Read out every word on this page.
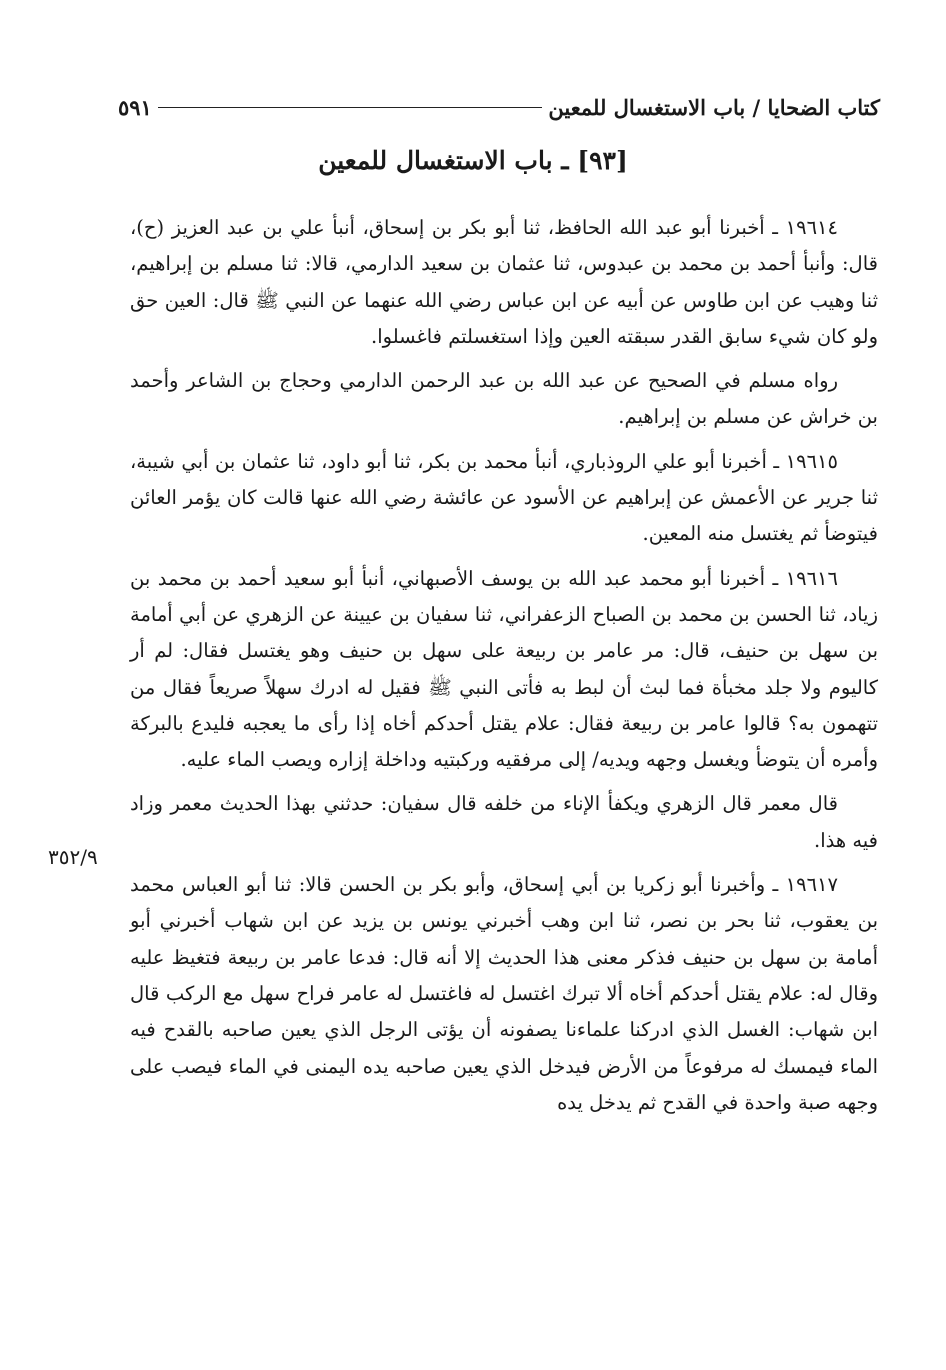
كتاب الضحايا / باب الاستغسال للمعين
٥٩١
[٩٣] ـ باب الاستغسال للمعين

١٩٦١٤ ـ أخبرنا أبو عبد الله الحافظ، ثنا أبو بكر بن إسحاق، أنبأ علي بن عبد العزيز (ح)، قال: وأنبأ أحمد بن محمد بن عبدوس، ثنا عثمان بن سعيد الدارمي، قالا: ثنا مسلم بن إبراهيم، ثنا وهيب عن ابن طاوس عن أبيه عن ابن عباس رضي الله عنهما عن النبي ﷺ قال: العين حق ولو كان شيء سابق القدر سبقته العين وإذا استغسلتم فاغسلوا.

رواه مسلم في الصحيح عن عبد الله بن عبد الرحمن الدارمي وحجاج بن الشاعر وأحمد بن خراش عن مسلم بن إبراهيم.

١٩٦١٥ ـ أخبرنا أبو علي الروذباري، أنبأ محمد بن بكر، ثنا أبو داود، ثنا عثمان بن أبي شيبة، ثنا جرير عن الأعمش عن إبراهيم عن الأسود عن عائشة رضي الله عنها قالت كان يؤمر العائن فيتوضأ ثم يغتسل منه المعين.

١٩٦١٦ ـ أخبرنا أبو محمد عبد الله بن يوسف الأصبهاني، أنبأ أبو سعيد أحمد بن محمد بن زياد، ثنا الحسن بن محمد بن الصباح الزعفراني، ثنا سفيان بن عيينة عن الزهري عن أبي أمامة بن سهل بن حنيف، قال: مر عامر بن ربيعة على سهل بن حنيف وهو يغتسل فقال: لم أر كاليوم ولا جلد مخبأة فما لبث أن لبط به فأتى النبي ﷺ فقيل له ادرك سهلاً صريعاً فقال من تتهمون به؟ قالوا عامر بن ربيعة فقال: علام يقتل أحدكم أخاه إذا رأى ما يعجبه فليدع بالبركة وأمره أن يتوضأ ويغسل وجهه ويديه/ إلى مرفقيه وركبتيه وداخلة إزاره ويصب الماء عليه.

قال معمر قال الزهري ويكفأ الإناء من خلفه قال سفيان: حدثني بهذا الحديث معمر وزاد فيه هذا.

١٩٦١٧ ـ وأخبرنا أبو زكريا بن أبي إسحاق، وأبو بكر بن الحسن قالا: ثنا أبو العباس محمد بن يعقوب، ثنا بحر بن نصر، ثنا ابن وهب أخبرني يونس بن يزيد عن ابن شهاب أخبرني أبو أمامة بن سهل بن حنيف فذكر معنى هذا الحديث إلا أنه قال: فدعا عامر بن ربيعة فتغيظ عليه وقال له: علام يقتل أحدكم أخاه ألا تبرك اغتسل له فاغتسل له عامر فراح سهل مع الركب قال ابن شهاب: الغسل الذي ادركنا علماءنا يصفونه أن يؤتى الرجل الذي يعين صاحبه بالقدح فيه الماء فيمسك له مرفوعاً من الأرض فيدخل الذي يعين صاحبه يده اليمنى في الماء فيصب على وجهه صبة واحدة في القدح ثم يدخل يده

٣٥٢/٩
